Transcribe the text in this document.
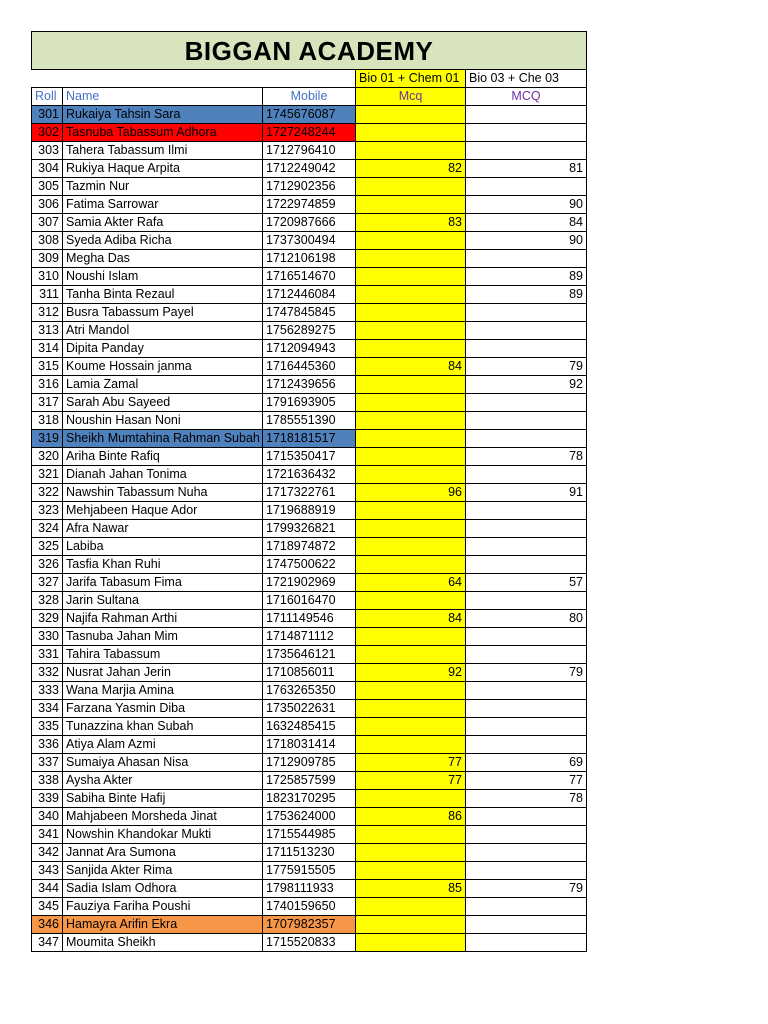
BIGGAN ACADEMY				
			Bio 01 + Chem 01	Bio 03 + Che 03
Roll	Name	Mobile	Mcq	MCQ
301	Rukaiya Tahsin Sara	1745676087		
302	Tasnuba Tabassum Adhora	1727248244		
303	Tahera Tabassum Ilmi	1712796410		
304	Rukiya Haque Arpita	1712249042	82	81
305	Tazmin Nur	1712902356		
306	Fatima Sarrowar	1722974859		90
307	Samia Akter Rafa	1720987666	83	84
308	Syeda Adiba Richa	1737300494		90
309	Megha Das	1712106198		
310	Noushi Islam	1716514670		89
311	Tanha Binta Rezaul	1712446084		89
312	Busra Tabassum Payel	1747845845		
313	Atri Mandol	1756289275		
314	Dipita Panday	1712094943		
315	Koume Hossain janma	1716445360	84	79
316	Lamia Zamal	1712439656		92
317	Sarah Abu Sayeed	1791693905		
318	Noushin Hasan Noni	1785551390		
319	Sheikh Mumtahina Rahman Subah	1718181517		
320	Ariha Binte Rafiq	1715350417		78
321	Dianah Jahan Tonima	1721636432		
322	Nawshin Tabassum Nuha	1717322761	96	91
323	Mehjabeen Haque Ador	1719688919		
324	Afra Nawar	1799326821		
325	Labiba	1718974872		
326	Tasfia Khan Ruhi	1747500622		
327	Jarifa Tabasum Fima	1721902969	64	57
328	Jarin Sultana	1716016470		
329	Najifa Rahman Arthi	1711149546	84	80
330	Tasnuba Jahan Mim	1714871112		
331	Tahira Tabassum	1735646121		
332	Nusrat Jahan Jerin	1710856011	92	79
333	Wana Marjia Amina	1763265350		
334	Farzana Yasmin Diba	1735022631		
335	Tunazzina khan Subah	1632485415		
336	Atiya Alam Azmi	1718031414		
337	Sumaiya Ahasan Nisa	1712909785	77	69
338	Aysha Akter	1725857599	77	77
339	Sabiha Binte Hafij	1823170295		78
340	Mahjabeen Morsheda Jinat	1753624000	86	
341	Nowshin Khandokar Mukti	1715544985		
342	Jannat Ara Sumona	1711513230		
343	Sanjida Akter Rima	1775915505		
344	Sadia Islam Odhora	1798111933	85	79
345	Fauziya Fariha Poushi	1740159650		
346	Hamayra Arifin Ekra	1707982357		
347	Moumita Sheikh	1715520833		
